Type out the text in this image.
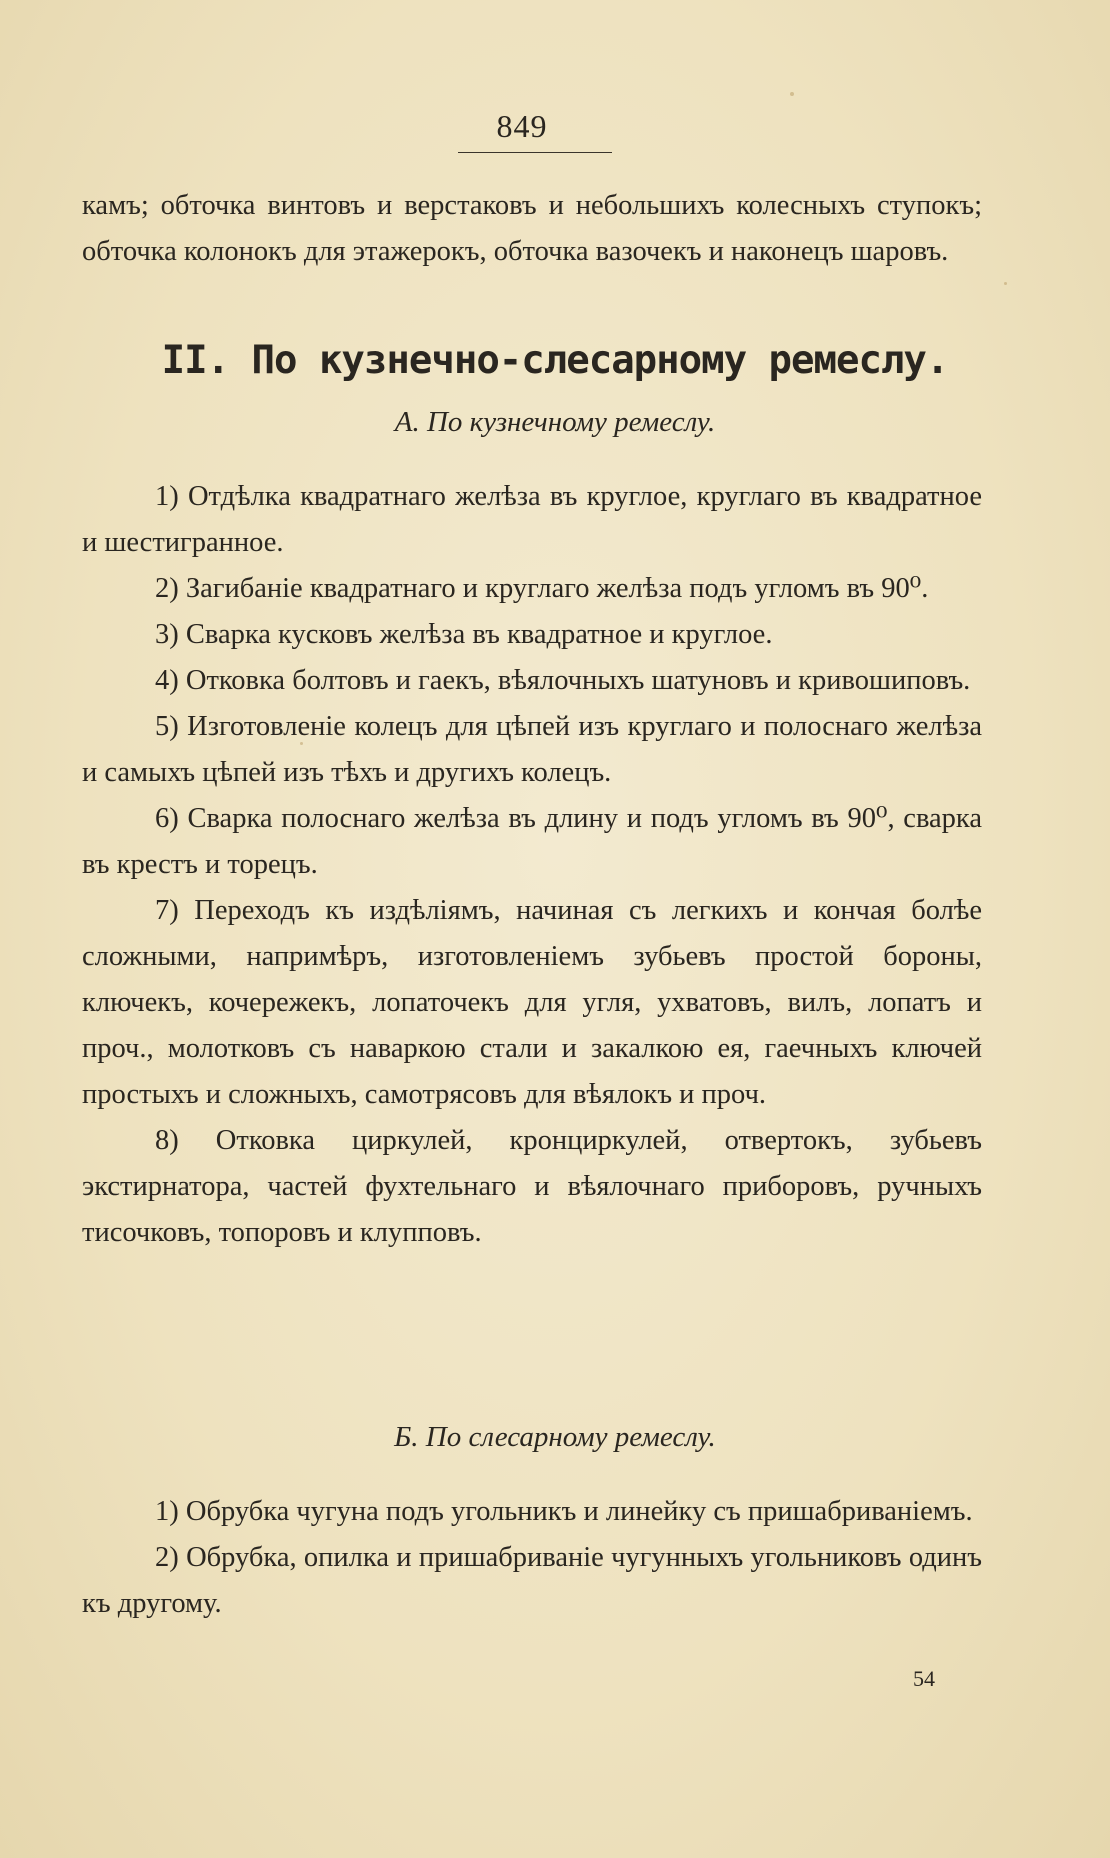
849

камъ; обточка винтовъ и верстаковъ и небольшихъ колесныхъ ступокъ; обточка колонокъ для этажерокъ, обточка вазочекъ и наконецъ шаровъ.

II. По кузнечно-слесарному ремеслу.
А. По кузнечному ремеслу.

1) Отдѣлка квадратнаго желѣза въ круглое, круглаго въ квадратное и шестигранное.

2) Загибаніе квадратнаго и круглаго желѣза подъ угломъ въ 90⁰.

3) Сварка кусковъ желѣза въ квадратное и круглое.

4) Отковка болтовъ и гаекъ, вѣялочныхъ шатуновъ и кривошиповъ.

5) Изготовленіе колецъ для цѣпей изъ круглаго и полоснаго желѣза и самыхъ цѣпей изъ тѣхъ и другихъ колецъ.

6) Сварка полоснаго желѣза въ длину и подъ угломъ въ 90⁰, сварка въ крестъ и торецъ.

7) Переходъ къ издѣліямъ, начиная съ легкихъ и кончая болѣе сложными, напримѣръ, изготовленіемъ зубьевъ простой бороны, ключекъ, кочережекъ, лопаточекъ для угля, ухватовъ, вилъ, лопатъ и проч., молотковъ съ наваркою стали и закалкою ея, гаечныхъ ключей простыхъ и сложныхъ, самотрясовъ для вѣялокъ и проч.

8) Отковка циркулей, кронциркулей, отвертокъ, зубьевъ экстирнатора, частей фухтельнаго и вѣялочнаго приборовъ, ручныхъ тисочковъ, топоровъ и клупповъ.

Б. По слесарному ремеслу.

1) Обрубка чугуна подъ угольникъ и линейку съ пришабриваніемъ.

2) Обрубка, опилка и пришабриваніе чугунныхъ угольниковъ одинъ къ другому.

54
